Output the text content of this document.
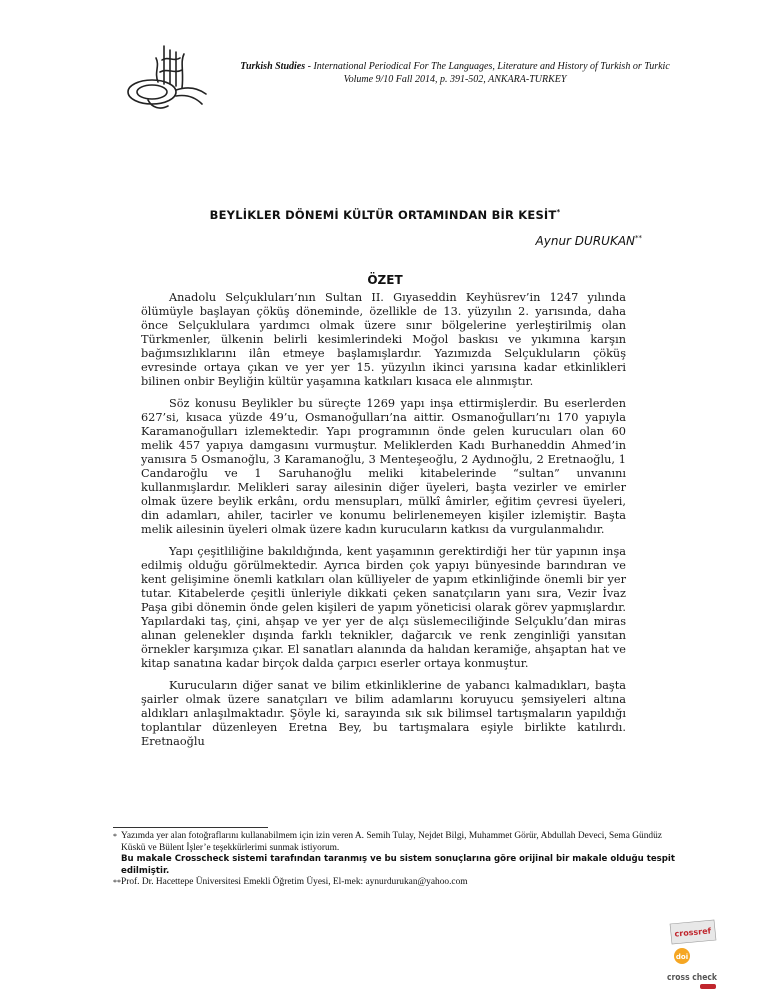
Turkish Studies - International Periodical For The Languages, Literature and History of Turkish or Turkic
Volume 9/10 Fall 2014, p. 391-502, ANKARA-TURKEY
BEYLİKLER DÖNEMİ KÜLTÜR ORTAMINDAN BİR KESİT*
Aynur DURUKAN**
ÖZET

Anadolu Selçukluları’nın Sultan II. Gıyaseddin Keyhüsrev’in 1247 yılında ölümüyle başlayan çöküş döneminde, özellikle de 13. yüzyılın 2. yarısında, daha önce Selçuklulara yardımcı olmak üzere sınır bölgelerine yerleştirilmiş olan Türkmenler, ülkenin belirli kesimlerindeki Moğol baskısı ve yıkımına karşın bağımsızlıklarını ilân etmeye başlamışlardır. Yazımızda Selçukluların çöküş evresinde ortaya çıkan ve yer yer 15. yüzyılın ikinci yarısına kadar etkinlikleri bilinen onbir Beyliğin kültür yaşamına katkıları kısaca ele alınmıştır.

Söz konusu Beylikler bu süreçte 1269 yapı inşa ettirmişlerdir. Bu eserlerden 627’si, kısaca yüzde 49’u, Osmanoğulları’na aittir. Osmanoğulları’nı 170 yapıyla Karamanoğulları izlemektedir. Yapı programının önde gelen kurucuları olan 60 melik 457 yapıya damgasını vurmuştur. Meliklerden Kadı Burhaneddin Ahmed’in yanısıra 5 Osmanoğlu, 3 Karamanoğlu, 3 Menteşeoğlu, 2 Aydınoğlu, 2 Eretnaoğlu, 1 Candaroğlu ve 1 Saruhanoğlu meliki kitabelerinde “sultan” unvanını kullanmışlardır. Melikleri saray ailesinin diğer üyeleri, başta vezirler ve emirler olmak üzere beylik erkânı, ordu mensupları, mülkî âmirler, eğitim çevresi üyeleri, din adamları, ahiler, tacirler ve konumu belirlenemeyen kişiler izlemiştir. Başta melik ailesinin üyeleri olmak üzere kadın kurucuların katkısı da vurgulanmalıdır.

Yapı çeşitliliğine bakıldığında, kent yaşamının gerektirdiği her tür yapının inşa edilmiş olduğu görülmektedir. Ayrıca birden çok yapıyı bünyesinde barındıran ve kent gelişimine önemli katkıları olan külliyeler de yapım etkinliğinde önemli bir yer tutar. Kitabelerde çeşitli ünleriyle dikkati çeken sanatçıların yanı sıra, Vezir İvaz Paşa gibi dönemin önde gelen kişileri de yapım yöneticisi olarak görev yapmışlardır. Yapılardaki taş, çini, ahşap ve yer yer de alçı süslemeciliğinde Selçuklu’dan miras alınan gelenekler dışında farklı teknikler, dağarcık ve renk zenginliği yansıtan örnekler karşımıza çıkar. El sanatları alanında da halıdan keramiğe, ahşaptan hat ve kitap sanatına kadar birçok dalda çarpıcı eserler ortaya konmuştur.

Kurucuların diğer sanat ve bilim etkinliklerine de yabancı kalmadıkları, başta şairler olmak üzere sanatçıları ve bilim adamlarını koruyucu şemsiyeleri altına aldıkları anlaşılmaktadır. Şöyle ki, sarayında sık sık bilimsel tartışmaların yapıldığı toplantılar düzenleyen Eretna Bey, bu tartışmalara eşiyle birlikte katılırdı. Eretnaoğlu

* Yazımda yer alan fotoğraflarını kullanabilmem için izin veren A. Semih Tulay, Nejdet Bilgi, Muhammet Görür, Abdullah Deveci, Sema Gündüz Küskü ve Bülent İşler’e teşekkürlerimi sunmak istiyorum.
Bu makale Crosscheck sistemi tarafından taranmış ve bu sistem sonuçlarına göre orijinal bir makale olduğu tespit edilmiştir.
** Prof. Dr. Hacettepe Üniversitesi Emekli Öğretim Üyesi, El-mek: aynurdurukan@yahoo.com
crossref
doi
cross check
